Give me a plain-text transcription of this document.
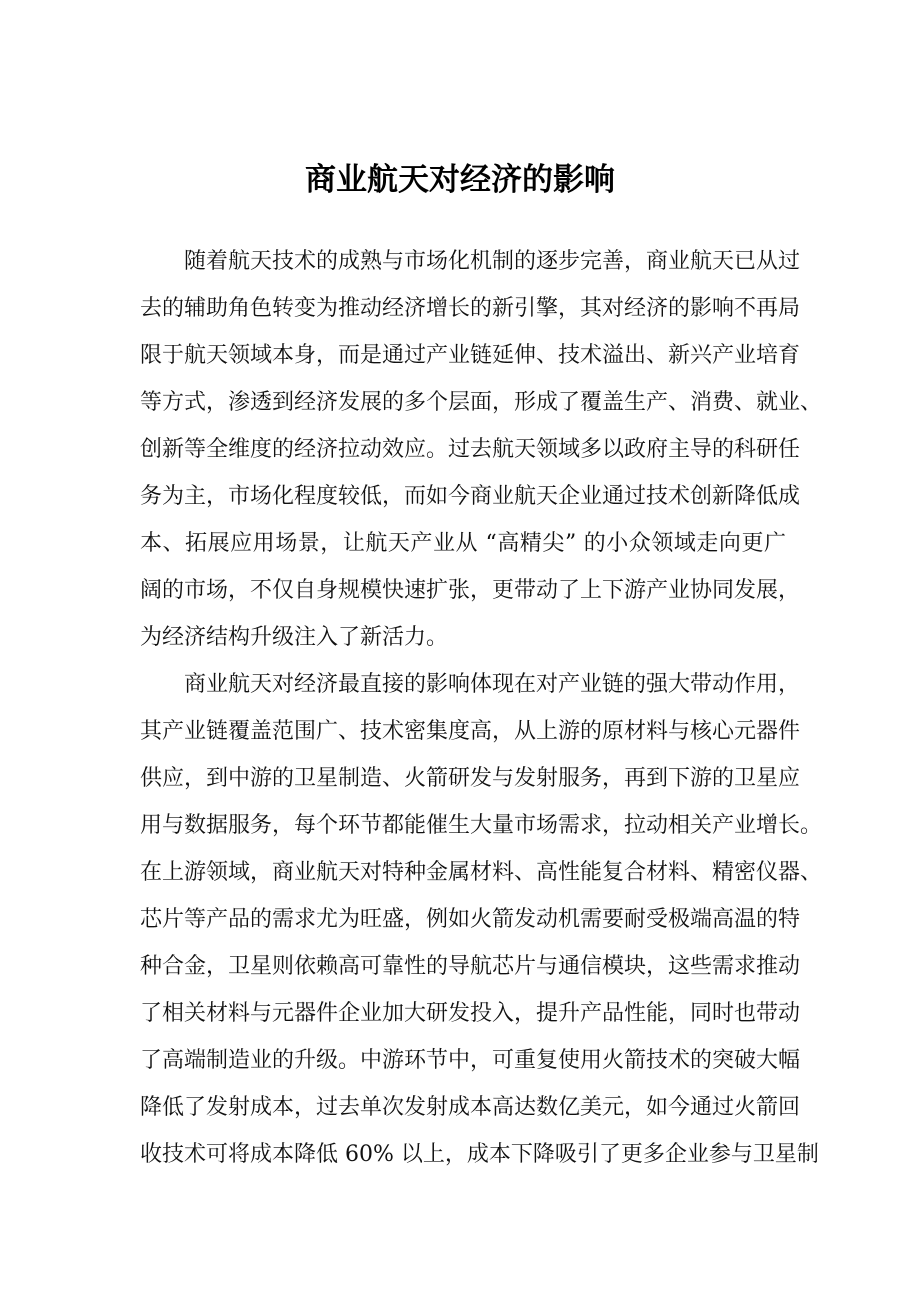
商业航天对经济的影响
随着航天技术的成熟与市场化机制的逐步完善，商业航天已从过
去的辅助角色转变为推动经济增长的新引擎，其对经济的影响不再局
限于航天领域本身，而是通过产业链延伸、技术溢出、新兴产业培育
等方式，渗透到经济发展的多个层面，形成了覆盖生产、消费、就业、
创新等全维度的经济拉动效应。过去航天领域多以政府主导的科研任
务为主，市场化程度较低，而如今商业航天企业通过技术创新降低成
本、拓展应用场景，让航天产业从 “高精尖” 的小众领域走向更广
阔的市场，不仅自身规模快速扩张，更带动了上下游产业协同发展，
为经济结构升级注入了新活力。
商业航天对经济最直接的影响体现在对产业链的强大带动作用，
其产业链覆盖范围广、技术密集度高，从上游的原材料与核心元器件
供应，到中游的卫星制造、火箭研发与发射服务，再到下游的卫星应
用与数据服务，每个环节都能催生大量市场需求，拉动相关产业增长。
在上游领域，商业航天对特种金属材料、高性能复合材料、精密仪器、
芯片等产品的需求尤为旺盛，例如火箭发动机需要耐受极端高温的特
种合金，卫星则依赖高可靠性的导航芯片与通信模块，这些需求推动
了相关材料与元器件企业加大研发投入，提升产品性能，同时也带动
了高端制造业的升级。中游环节中，可重复使用火箭技术的突破大幅
降低了发射成本，过去单次发射成本高达数亿美元，如今通过火箭回
收技术可将成本降低 60% 以上，成本下降吸引了更多企业参与卫星制
